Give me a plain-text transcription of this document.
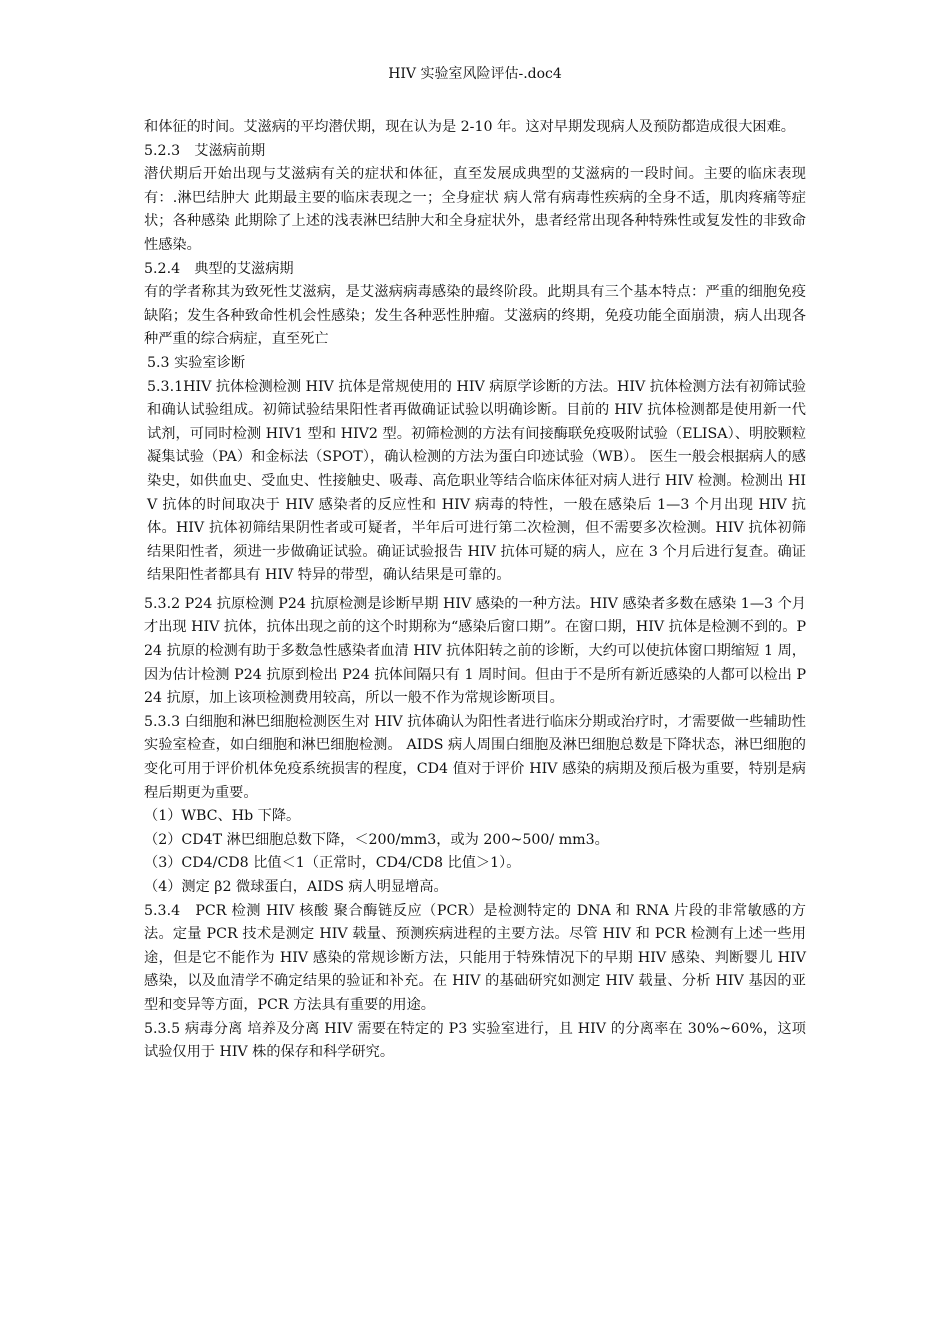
HIV 实验室风险评估-.doc4

和体征的时间。艾滋病的平均潜伏期，现在认为是 2-10 年。这对早期发现病人及预防都造成很大困难。

5.2.3　艾滋病前期

潜伏期后开始出现与艾滋病有关的症状和体征，直至发展成典型的艾滋病的一段时间。主要的临床表现有：.淋巴结肿大 此期最主要的临床表现之一；全身症状 病人常有病毒性疾病的全身不适，肌肉疼痛等症状；各种感染 此期除了上述的浅表淋巴结肿大和全身症状外，患者经常出现各种特殊性或复发性的非致命性感染。

5.2.4　典型的艾滋病期

有的学者称其为致死性艾滋病，是艾滋病病毒感染的最终阶段。此期具有三个基本特点：严重的细胞免疫缺陷；发生各种致命性机会性感染；发生各种恶性肿瘤。艾滋病的终期，免疫功能全面崩溃，病人出现各种严重的综合病症，直至死亡

5.3 实验室诊断

5.3.1HIV 抗体检测检测 HIV 抗体是常规使用的 HIV 病原学诊断的方法。HIV 抗体检测方法有初筛试验和确认试验组成。初筛试验结果阳性者再做确证试验以明确诊断。目前的 HIV 抗体检测都是使用新一代试剂，可同时检测 HIV1 型和 HIV2 型。初筛检测的方法有间接酶联免疫吸附试验（ELISA）、明胶颗粒凝集试验（PA）和金标法（SPOT），确认检测的方法为蛋白印迹试验（WB）。 医生一般会根据病人的感染史，如供血史、受血史、性接触史、吸毒、高危职业等结合临床体征对病人进行 HIV 检测。检测出 HIV 抗体的时间取决于 HIV 感染者的反应性和 HIV 病毒的特性，一般在感染后 1—3 个月出现 HIV 抗体。HIV 抗体初筛结果阴性者或可疑者，半年后可进行第二次检测，但不需要多次检测。HIV 抗体初筛结果阳性者，须进一步做确证试验。确证试验报告 HIV 抗体可疑的病人，应在 3 个月后进行复查。确证结果阳性者都具有 HIV 特异的带型，确认结果是可靠的。

5.3.2 P24 抗原检测 P24 抗原检测是诊断早期 HIV 感染的一种方法。HIV 感染者多数在感染 1—3 个月才出现 HIV 抗体，抗体出现之前的这个时期称为“感染后窗口期”。在窗口期，HIV 抗体是检测不到的。P24 抗原的检测有助于多数急性感染者血清 HIV 抗体阳转之前的诊断，大约可以使抗体窗口期缩短 1 周，因为估计检测 P24 抗原到检出 P24 抗体间隔只有 1 周时间。但由于不是所有新近感染的人都可以检出 P24 抗原，加上该项检测费用较高，所以一般不作为常规诊断项目。

5.3.3 白细胞和淋巴细胞检测医生对 HIV 抗体确认为阳性者进行临床分期或治疗时，才需要做一些辅助性实验室检查，如白细胞和淋巴细胞检测。 AIDS 病人周围白细胞及淋巴细胞总数是下降状态，淋巴细胞的变化可用于评价机体免疫系统损害的程度，CD4 值对于评价 HIV 感染的病期及预后极为重要，特别是病程后期更为重要。

（1）WBC、Hb 下降。

（2）CD4T 淋巴细胞总数下降，＜200/mm3，或为 200~500/ mm3。

（3）CD4/CD8 比值＜1（正常时，CD4/CD8 比值＞1）。

（4）测定 β2 微球蛋白，AIDS 病人明显增高。

5.3.4　PCR 检测 HIV 核酸 聚合酶链反应（PCR）是检测特定的 DNA 和 RNA 片段的非常敏感的方法。定量 PCR 技术是测定 HIV 载量、预测疾病进程的主要方法。尽管 HIV 和 PCR 检测有上述一些用途，但是它不能作为 HIV 感染的常规诊断方法，只能用于特殊情况下的早期 HIV 感染、判断婴儿 HIV 感染，以及血清学不确定结果的验证和补充。在 HIV 的基础研究如测定 HIV 载量、分析 HIV 基因的亚型和变异等方面，PCR 方法具有重要的用途。

5.3.5 病毒分离 培养及分离 HIV 需要在特定的 P3 实验室进行，且 HIV 的分离率在 30%~60%，这项试验仅用于 HIV 株的保存和科学研究。
